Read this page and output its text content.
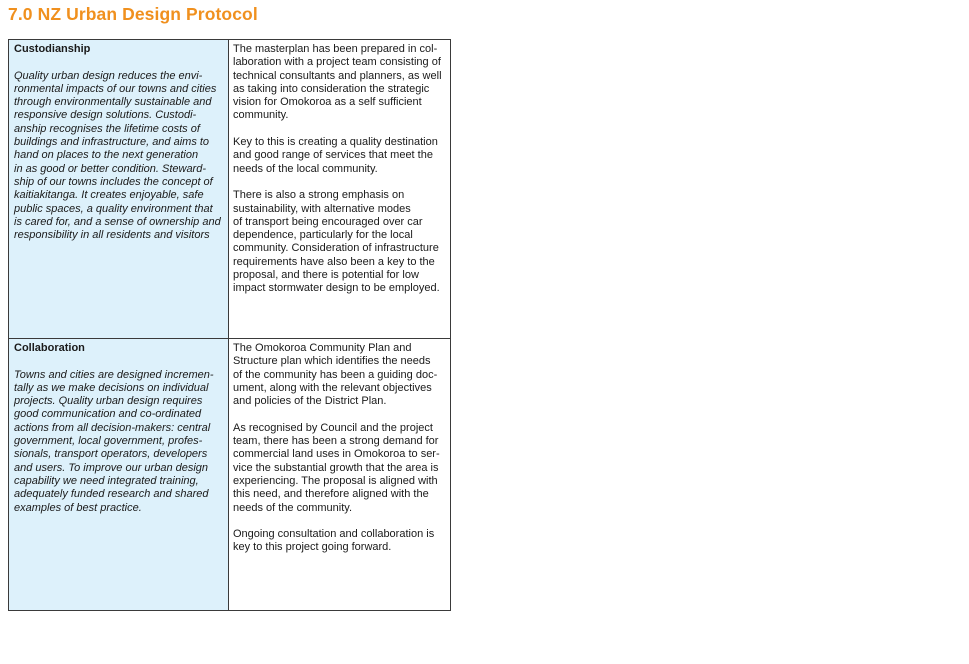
7.0 NZ Urban Design Protocol
Custodianship

Quality urban design reduces the envi-
ronmental impacts of our towns and cities
through environmentally sustainable and
responsive design solutions. Custodi-
anship recognises the lifetime costs of
buildings and infrastructure, and aims to
hand on places to the next generation
in as good or better condition. Steward-
ship of our towns includes the concept of
kaitiakitanga. It creates enjoyable, safe
public spaces, a quality environment that
is cared for, and a sense of ownership and
responsibility in all residents and visitors

The masterplan has been prepared in col-
laboration with a project team consisting of
technical consultants and planners, as well
as taking into consideration the strategic
vision for Omokoroa as a self sufficient
community.

Key to this is creating a quality destination
and good range of services that meet the
needs of the local community.

There is also a strong emphasis on
sustainability, with alternative modes
of transport being encouraged over car
dependence, particularly for the local
community. Consideration of infrastructure
requirements have also been a key to the
proposal, and there is potential for low
impact stormwater design to be employed.

Collaboration

Towns and cities are designed incremen-
tally as we make decisions on individual
projects. Quality urban design requires
good communication and co-ordinated
actions from all decision-makers: central
government, local government, profes-
sionals, transport operators, developers
and users. To improve our urban design
capability we need integrated training,
adequately funded research and shared
examples of best practice.

The Omokoroa Community Plan and
Structure plan which identifies the needs
of the community has been a guiding doc-
ument, along with the relevant objectives
and policies of the District Plan.

As recognised by Council and the project
team, there has been a strong demand for
commercial land uses in Omokoroa to ser-
vice the substantial growth that the area is
experiencing. The proposal is aligned with
this need, and therefore aligned with the
needs of the community.

Ongoing consultation and collaboration is
key to this project going forward.
